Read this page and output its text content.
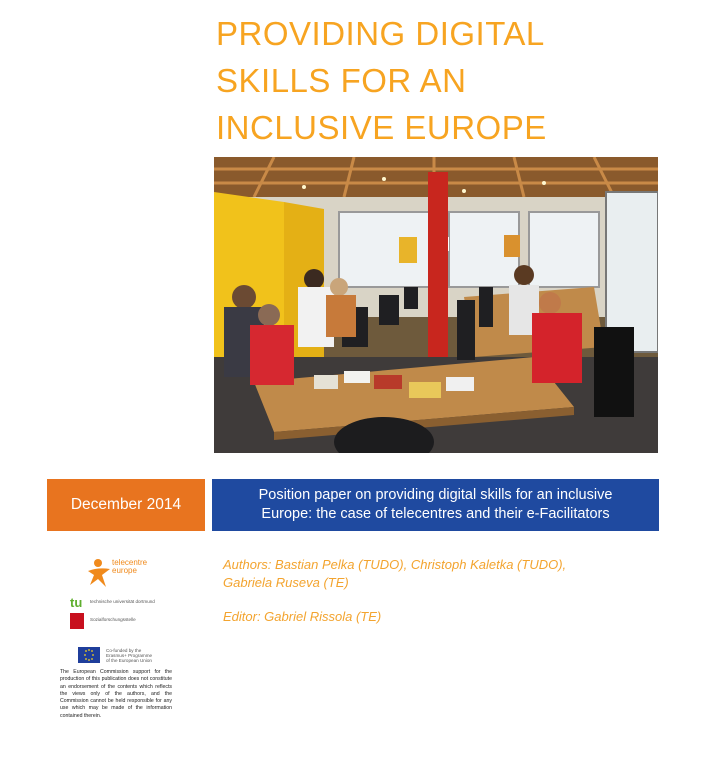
PROVIDING DIGITAL
SKILLS FOR AN
INCLUSIVE EUROPE
December 2014
Position paper on providing digital skills for an inclusive
Europe: the case of telecentres and their e-Facilitators

Authors: Bastian Pelka (TUDO), Christoph Kaletka (TUDO),
Gabriela Ruseva (TE)

Editor: Gabriel Rissola (TE)

telecentre
europe
tu technische universität dortmund
Sozialforschungsstelle
Co-funded by the
Erasmus+ Programme
of the European Union
The European Commission support for the production of this publication does not constitute an endorsement of the contents which reflects the views only of the authors, and the Commission cannot be held responsible for any use which may be made of the information contained therein.
